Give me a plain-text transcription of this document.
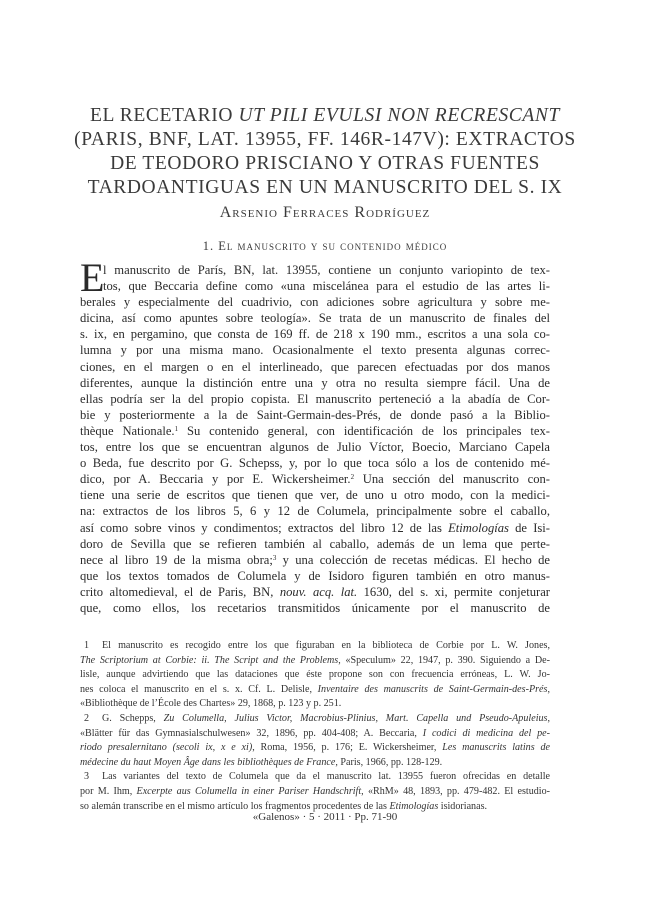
EL RECETARIO UT PILI EVULSI NON RECRESCANT
(PARIS, BNF, LAT. 13955, FF. 146R-147V): EXTRACTOS
DE TEODORO PRISCIANO Y OTRAS FUENTES
TARDOANTIGUAS EN UN MANUSCRITO DEL S. IX
Arsenio Ferraces Rodríguez
1. El manuscrito y su contenido médico
E
l manuscrito de París, BN, lat. 13955, contiene un conjunto variopinto de tex-
tos, que Beccaria define como «una miscelánea para el estudio de las artes li-
berales y especialmente del cuadrivio, con adiciones sobre agricultura y sobre me-
dicina, así como apuntes sobre teología». Se trata de un manuscrito de finales del
s. ix, en pergamino, que consta de 169 ff. de 218 x 190 mm., escritos a una sola co-
lumna y por una misma mano. Ocasionalmente el texto presenta algunas correc-
ciones, en el margen o en el interlineado, que parecen efectuadas por dos manos
diferentes, aunque la distinción entre una y otra no resulta siempre fácil. Una de
ellas podría ser la del propio copista. El manuscrito perteneció a la abadía de Cor-
bie y posteriormente a la de Saint-Germain-des-Prés, de donde pasó a la Biblio-
thèque Nationale.$^1$ Su contenido general, con identificación de los principales tex-
tos, entre los que se encuentran algunos de Julio Víctor, Boecio, Marciano Capela
o Beda, fue descrito por G. Schepss, y, por lo que toca sólo a los de contenido mé-
dico, por A. Beccaria y por E. Wickersheimer.$^2$ Una sección del manuscrito con-
tiene una serie de escritos que tienen que ver, de uno u otro modo, con la medici-
na: extractos de los libros 5, 6 y 12 de Columela, principalmente sobre el caballo,
así como sobre vinos y condimentos; extractos del libro 12 de las Etimologías de Isi-
doro de Sevilla que se refieren también al caballo, además de un lema que perte-
nece al libro 19 de la misma obra;$^3$ y una colección de recetas médicas. El hecho de
que los textos tomados de Columela y de Isidoro figuren también en otro manus-
crito altomedieval, el de Paris, BN, nouv. acq. lat. 1630, del s. xi, permite conjeturar
que, como ellos, los recetarios transmitidos únicamente por el manuscrito de
1 El manuscrito es recogido entre los que figuraban en la biblioteca de Corbie por L. W. Jones,
The Scriptorium at Corbie: ii. The Script and the Problems, «Speculum» 22, 1947, p. 390. Siguiendo a De-
lisle, aunque advirtiendo que las dataciones que éste propone son con frecuencia erróneas, L. W. Jo-
nes coloca el manuscrito en el s. x. Cf. L. Delisle, Inventaire des manuscrits de Saint-Germain-des-Prés,
«Bibliothèque de l’École des Chartes» 29, 1868, p. 123 y p. 251.
2 G. Schepps, Zu Columella, Julius Victor, Macrobius-Plinius, Mart. Capella und Pseudo-Apuleius,
«Blätter für das Gymnasialschulwesen» 32, 1896, pp. 404-408; A. Beccaria, I codici di medicina del pe-
riodo presalernitano (secoli ix, x e xi), Roma, 1956, p. 176; E. Wickersheimer, Les manuscrits latins de
médecine du haut Moyen Âge dans les bibliothèques de France, Paris, 1966, pp. 128-129.
3 Las variantes del texto de Columela que da el manuscrito lat. 13955 fueron ofrecidas en detalle
por M. Ihm, Excerpte aus Columella in einer Pariser Handschrift, «RhM» 48, 1893, pp. 479-482. El estudio-
so alemán transcribe en el mismo artículo los fragmentos procedentes de las Etimologías isidorianas.
«Galenos» · 5 · 2011 · Pp. 71-90
